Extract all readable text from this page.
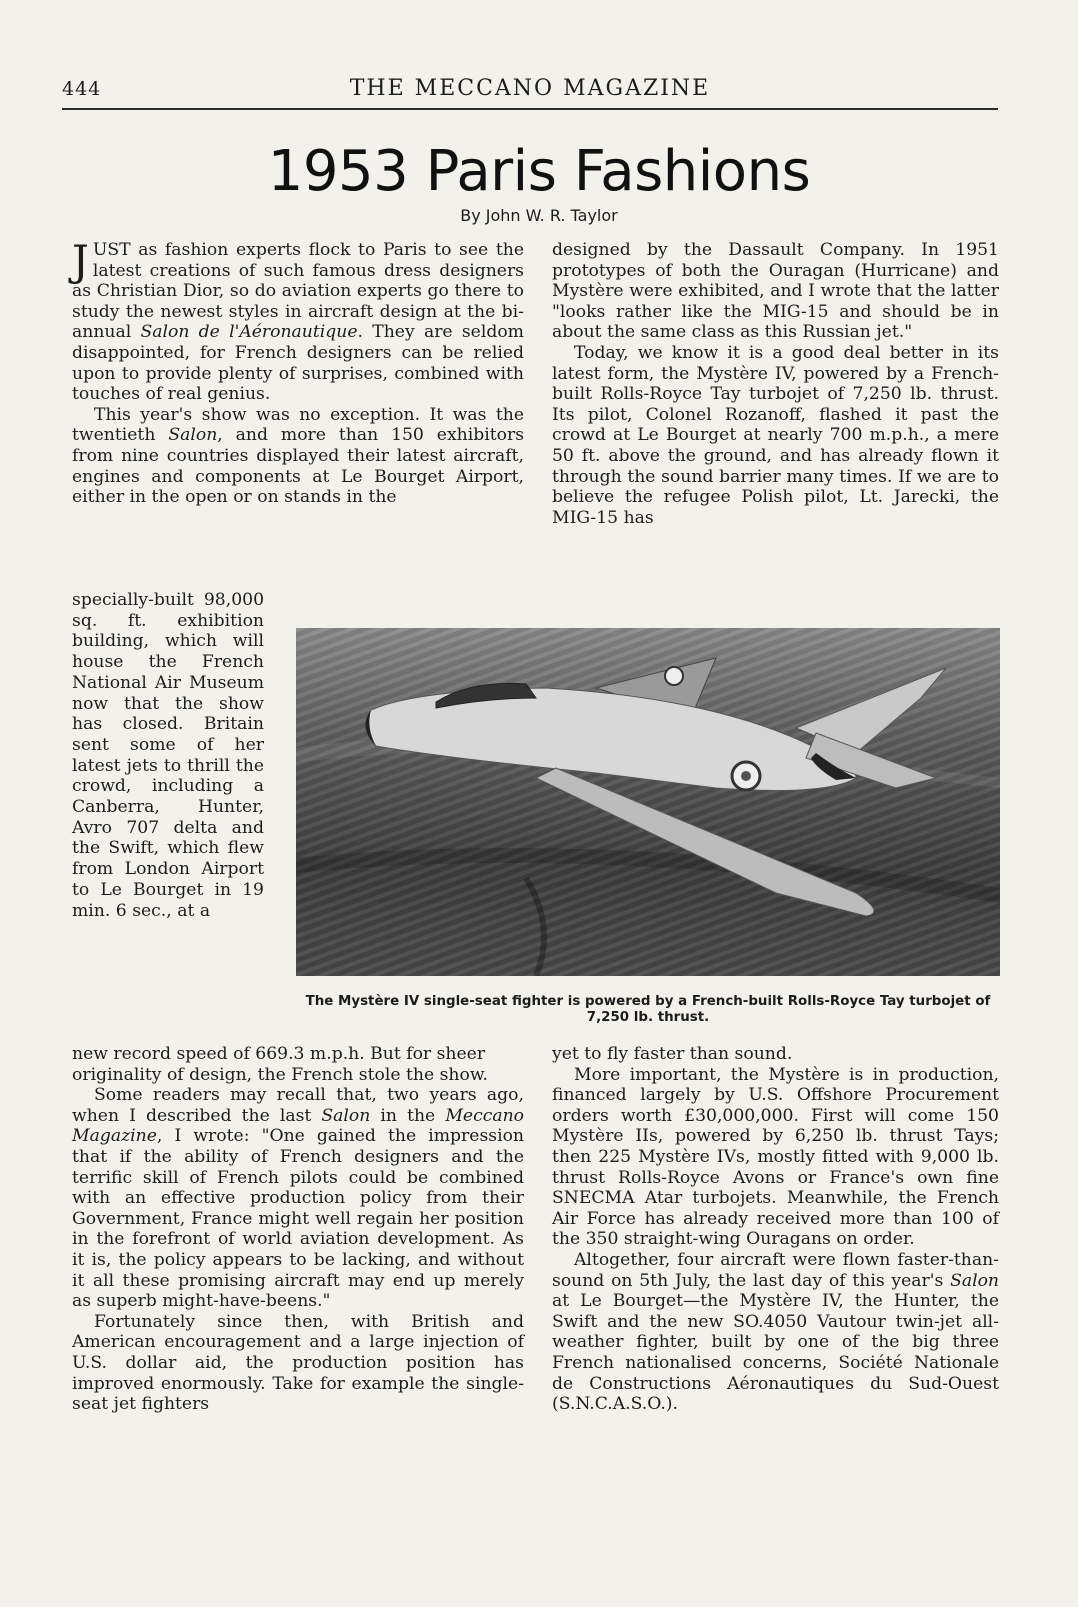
444	THE MECCANO MAGAZINE
1953 Paris Fashions
By John W. R. Taylor

JUST as fashion experts flock to Paris to see the latest creations of such famous dress designers as Christian Dior, so do aviation experts go there to study the newest styles in aircraft design at the bi-annual Salon de l'Aéronautique. They are seldom disappointed, for French designers can be relied upon to provide plenty of surprises, combined with touches of real genius.

This year's show was no exception. It was the twentieth Salon, and more than 150 exhibitors from nine countries displayed their latest aircraft, engines and components at Le Bourget Airport, either in the open or on stands in the

specially-built 98,000 sq. ft. exhibition building, which will house the French National Air Museum now that the show has closed. Britain sent some of her latest jets to thrill the crowd, including a Canberra, Hunter, Avro 707 delta and the Swift, which flew from London Airport to Le Bourget in 19 min. 6 sec., at a

designed by the Dassault Company. In 1951 prototypes of both the Ouragan (Hurricane) and Mystère were exhibited, and I wrote that the latter "looks rather like the MIG-15 and should be in about the same class as this Russian jet."

Today, we know it is a good deal better in its latest form, the Mystère IV, powered by a French-built Rolls-Royce Tay turbojet of 7,250 lb. thrust. Its pilot, Colonel Rozanoff, flashed it past the crowd at Le Bourget at nearly 700 m.p.h., a mere 50 ft. above the ground, and has already flown it through the sound barrier many times. If we are to believe the refugee Polish pilot, Lt. Jarecki, the MIG-15 has

The Mystère IV single-seat fighter is powered by a French-built Rolls-Royce Tay turbojet of 7,250 lb. thrust.

new record speed of 669.3 m.p.h. But for sheer originality of design, the French stole the show.

Some readers may recall that, two years ago, when I described the last Salon in the Meccano Magazine, I wrote: "One gained the impression that if the ability of French designers and the terrific skill of French pilots could be combined with an effective production policy from their Government, France might well regain her position in the forefront of world aviation development. As it is, the policy appears to be lacking, and without it all these promising aircraft may end up merely as superb might-have-beens."

Fortunately since then, with British and American encouragement and a large injection of U.S. dollar aid, the production position has improved enormously. Take for example the single-seat jet fighters

yet to fly faster than sound.

More important, the Mystère is in production, financed largely by U.S. Offshore Procurement orders worth £30,000,000. First will come 150 Mystère IIs, powered by 6,250 lb. thrust Tays; then 225 Mystère IVs, mostly fitted with 9,000 lb. thrust Rolls-Royce Avons or France's own fine SNECMA Atar turbojets. Meanwhile, the French Air Force has already received more than 100 of the 350 straight-wing Ouragans on order.

Altogether, four aircraft were flown faster-than-sound on 5th July, the last day of this year's Salon at Le Bourget—the Mystère IV, the Hunter, the Swift and the new SO.4050 Vautour twin-jet all-weather fighter, built by one of the big three French nationalised concerns, Société Nationale de Constructions Aéronautiques du Sud-Ouest (S.N.C.A.S.O.).
